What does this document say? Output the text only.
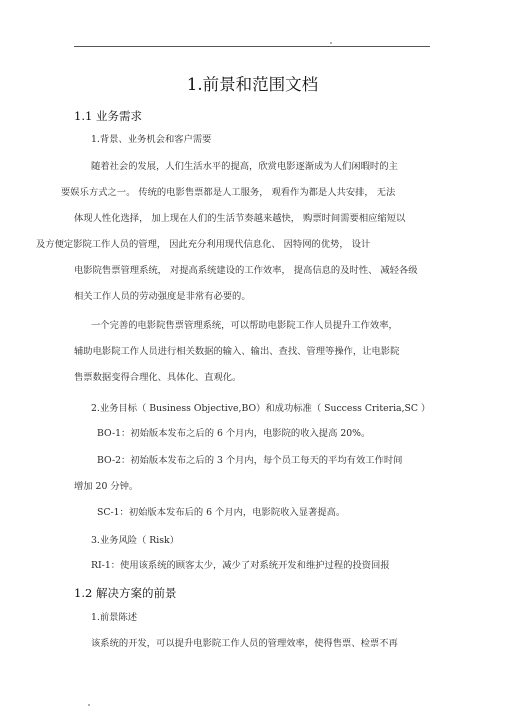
1.前景和范围文档
1.1 业务需求
1.背景、业务机会和客户需要
随着社会的发展，人们生活水平的提高，欣赏电影逐渐成为人们闲暇时的主
要娱乐方式之一。 传统的电影售票都是人工服务， 观看作为都是人共安排， 无法
体现人性化选择， 加上现在人们的生活节奏越来越快， 购票时间需要相应缩短以
及方便定影院工作人员的管理， 因此充分利用现代信息化、 因特网的优势， 设计
电影院售票管理系统， 对提高系统建设的工作效率， 提高信息的及时性、 减轻各级
相关工作人员的劳动强度是非常有必要的。
一个完善的电影院售票管理系统，可以帮助电影院工作人员提升工作效率，
辅助电影院工作人员进行相关数据的输入、输出、查找、管理等操作，让电影院
售票数据变得合理化、具体化、直观化。
2.业务目标（ Business Objective,BO）和成功标准（ Success Criteria,SC ）
BO-1：初始版本发布之后的 6 个月内，电影院的收入提高 20%。
BO-2：初始版本发布之后的 3 个月内，每个员工每天的平均有效工作时间
增加 20 分钟。
SC-1：初始版本发布后的 6 个月内，电影院收入显著提高。
3.业务风险（ Risk）
RI-1：使用该系统的顾客太少，减少了对系统开发和维护过程的投资回报
1.2 解决方案的前景
1.前景陈述
该系统的开发，可以提升电影院工作人员的管理效率，使得售票、检票不再
